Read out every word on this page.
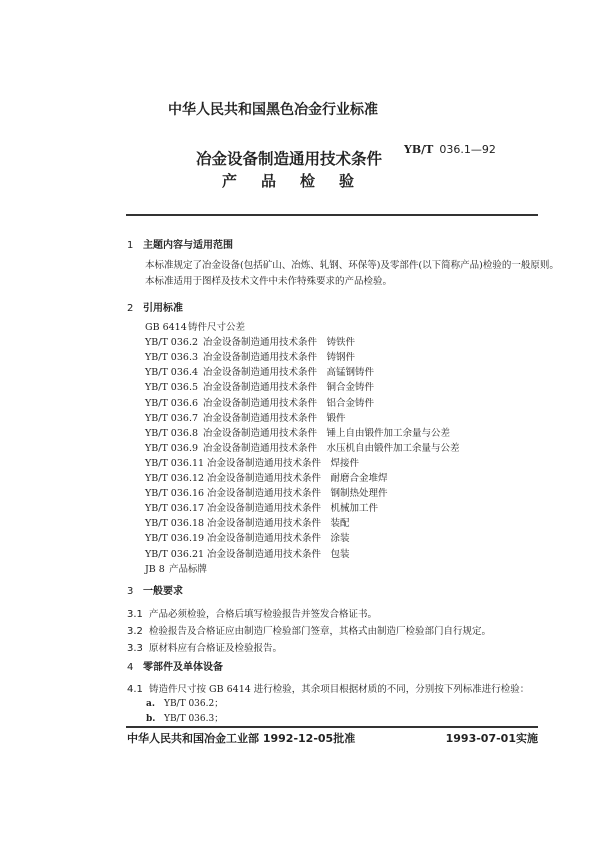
中华人民共和国黑色冶金行业标准
YB/T 036.1—92
冶金设备制造通用技术条件
产品检验
1 主题内容与适用范围
本标准规定了冶金设备(包括矿山、冶炼、轧钢、环保等)及零部件(以下简称产品)检验的一般原则。
本标准适用于图样及技术文件中未作特殊要求的产品检验。
2 引用标准
GB 6414铸件尺寸公差
YB/T 036.2 冶金设备制造通用技术条件　铸铁件
YB/T 036.3 冶金设备制造通用技术条件　铸钢件
YB/T 036.4 冶金设备制造通用技术条件　高锰钢铸件
YB/T 036.5 冶金设备制造通用技术条件　铜合金铸件
YB/T 036.6 冶金设备制造通用技术条件　铝合金铸件
YB/T 036.7 冶金设备制造通用技术条件　锻件
YB/T 036.8 冶金设备制造通用技术条件　锤上自由锻件加工余量与公差
YB/T 036.9 冶金设备制造通用技术条件　水压机自由锻件加工余量与公差
YB/T 036.11 冶金设备制造通用技术条件　焊接件
YB/T 036.12 冶金设备制造通用技术条件　耐磨合金堆焊
YB/T 036.16 冶金设备制造通用技术条件　钢制热处理件
YB/T 036.17 冶金设备制造通用技术条件　机械加工件
YB/T 036.18 冶金设备制造通用技术条件　装配
YB/T 036.19 冶金设备制造通用技术条件　涂装
YB/T 036.21 冶金设备制造通用技术条件　包装
JB 8 产品标牌
3 一般要求
3.1 产品必须检验，合格后填写检验报告并签发合格证书。
3.2 检验报告及合格证应由制造厂检验部门签章，其格式由制造厂检验部门自行规定。
3.3 原材料应有合格证及检验报告。
4 零部件及单体设备
4.1 铸造件尺寸按 GB 6414 进行检验，其余项目根据材质的不同，分别按下列标准进行检验：
a. YB/T 036.2；
b. YB/T 036.3；
中华人民共和国冶金工业部 1992-12-05批准	1993-07-01实施
